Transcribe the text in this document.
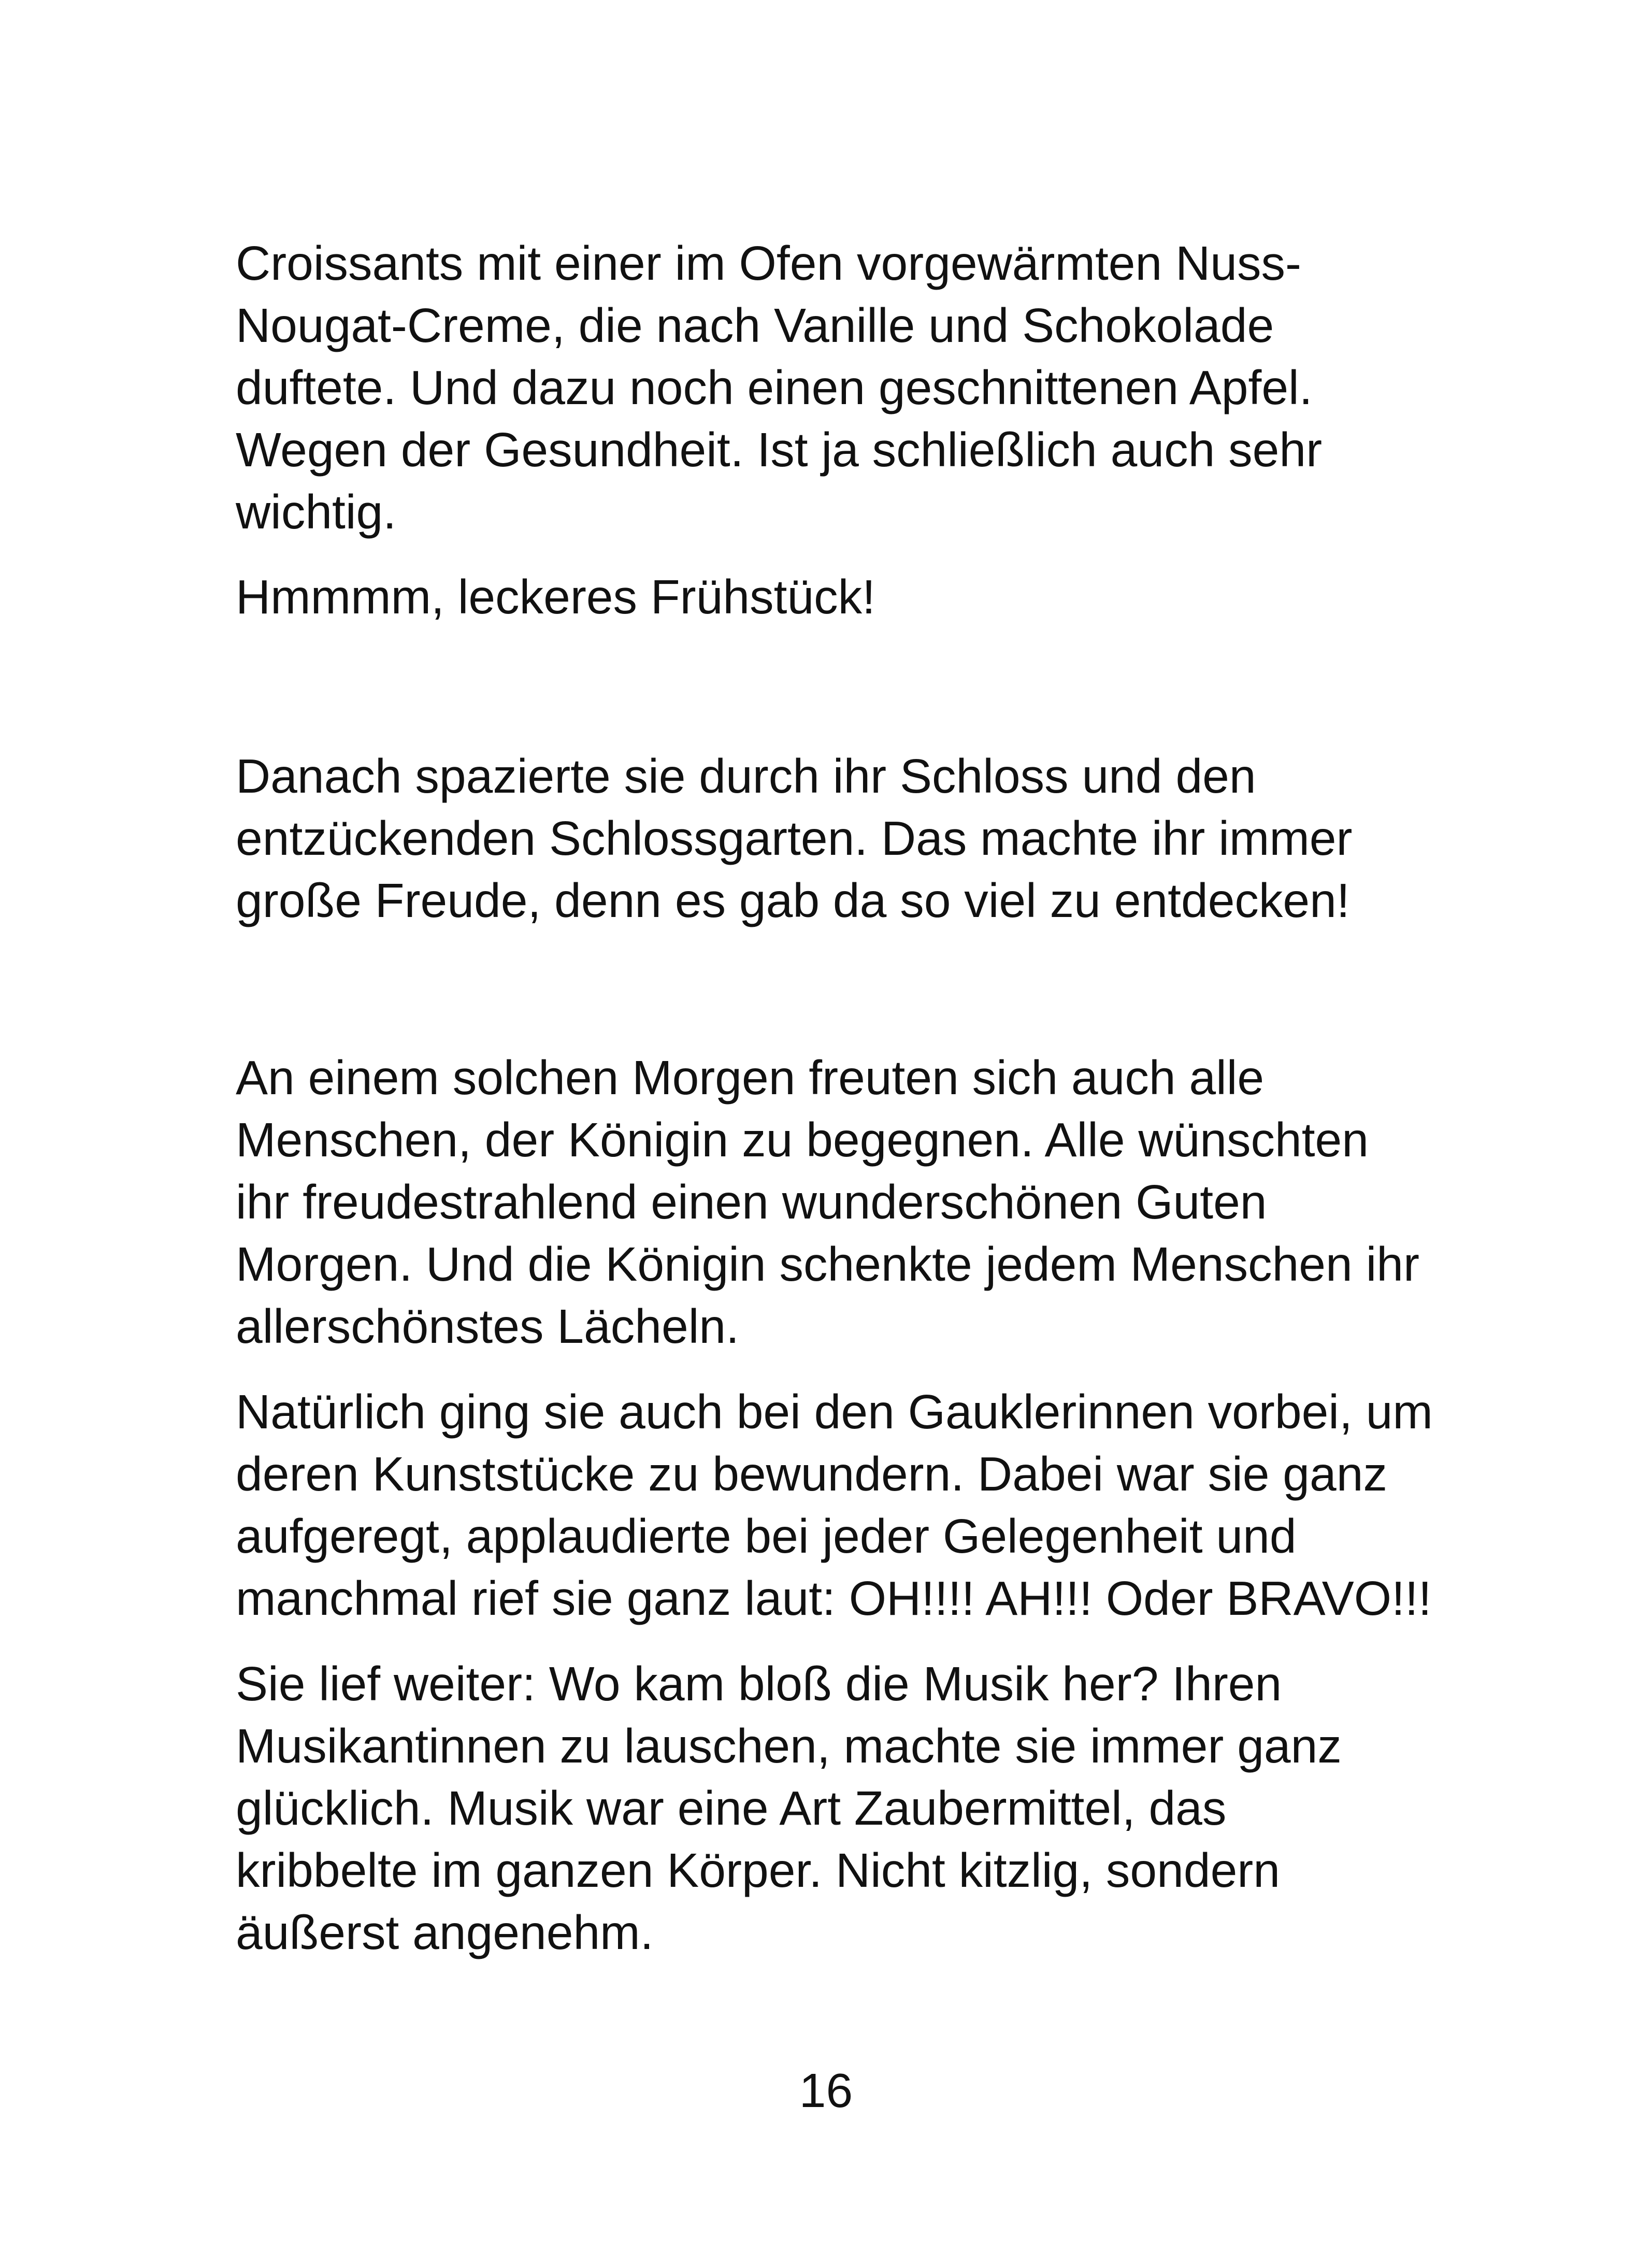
Croissants mit einer im Ofen vorgewärmten Nuss-
Nougat-Creme, die nach Vanille und Schokolade
duftete. Und dazu noch einen geschnittenen Apfel.
Wegen der Gesundheit. Ist ja schließlich auch sehr
wichtig.

Hmmmm, leckeres Frühstück!

Danach spazierte sie durch ihr Schloss und den
entzückenden Schlossgarten. Das machte ihr immer
große Freude, denn es gab da so viel zu entdecken!

An einem solchen Morgen freuten sich auch alle
Menschen, der Königin zu begegnen. Alle wünschten
ihr freudestrahlend einen wunderschönen Guten
Morgen. Und die Königin schenkte jedem Menschen ihr
allerschönstes Lächeln.

Natürlich ging sie auch bei den Gauklerinnen vorbei, um
deren Kunststücke zu bewundern. Dabei war sie ganz
aufgeregt, applaudierte bei jeder Gelegenheit und
manchmal rief sie ganz laut: OH!!!! AH!!! Oder BRAVO!!!

Sie lief weiter: Wo kam bloß die Musik her? Ihren
Musikantinnen zu lauschen, machte sie immer ganz
glücklich. Musik war eine Art Zaubermittel, das
kribbelte im ganzen Körper. Nicht kitzlig, sondern
äußerst angenehm.

16
